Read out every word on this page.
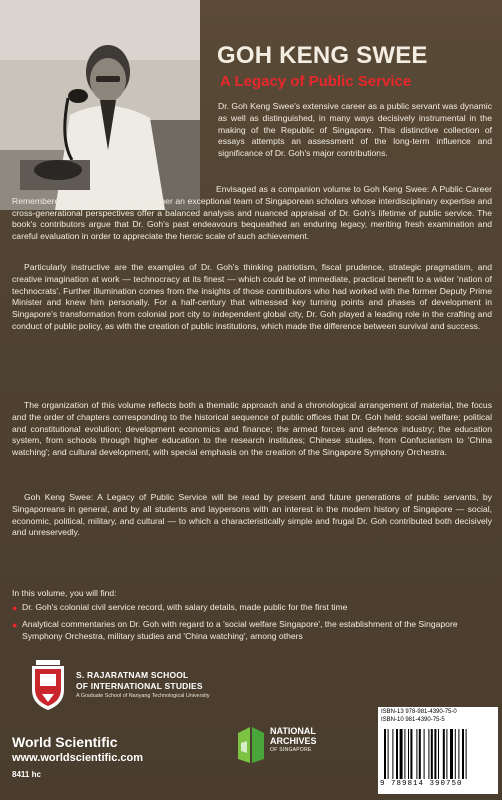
GOH KENG SWEE
A Legacy of Public Service

Dr. Goh Keng Swee's extensive career as a public servant was dynamic as well as distinguished, in many ways decisively instrumental in the making of the Republic of Singapore. This distinctive collection of essays attempts an assessment of the long-term influence and significance of Dr. Goh's major contributions.

Envisaged as a companion volume to Goh Keng Swee: A Public Career Remembered, this volume brings together an exceptional team of Singaporean scholars whose interdisciplinary expertise and cross-generational perspectives offer a balanced analysis and nuanced appraisal of Dr. Goh's lifetime of public service. The book's contributors argue that Dr. Goh's past endeavours bequeathed an enduring legacy, meriting fresh examination and careful evaluation in order to appreciate the heroic scale of such achievement.

Particularly instructive are the examples of Dr. Goh's thinking patriotism, fiscal prudence, strategic pragmatism, and creative imagination at work — technocracy at its finest — which could be of immediate, practical benefit to a wider 'nation of technocrats'. Further illumination comes from the insights of those contributors who had worked with the former Deputy Prime Minister and knew him personally. For a half-century that witnessed key turning points and phases of development in Singapore's transformation from colonial port city to independent global city, Dr. Goh played a leading role in the crafting and conduct of public policy, as with the creation of public institutions, which made the difference between survival and success.

The organization of this volume reflects both a thematic approach and a chronological arrangement of material, the focus and the order of chapters corresponding to the historical sequence of public offices that Dr. Goh held: social welfare; political and constitutional evolution; development economics and finance; the armed forces and defence industry; the education system, from schools through higher education to the research institutes; Chinese studies, from Confucianism to 'China watching'; and cultural development, with special emphasis on the creation of the Singapore Symphony Orchestra.

Goh Keng Swee: A Legacy of Public Service will be read by present and future generations of public servants, by Singaporeans in general, and by all students and laypersons with an interest in the modern history of Singapore — social, economic, political, military, and cultural — to which a characteristically simple and frugal Dr. Goh contributed both decisively and unreservedly.

In this volume, you will find:
● Dr. Goh's colonial civil service record, with salary details, made public for the first time
● Analytical commentaries on Dr. Goh with regard to a 'social welfare Singapore', the establishment of the Singapore Symphony Orchestra, military studies and 'China watching', among others
S. RAJARATNAM SCHOOL
OF INTERNATIONAL STUDIES
A Graduate School of Nanyang Technological University
World Scientific
www.worldscientific.com
8411 hc
NATIONAL
ARCHIVES
OF SINGAPORE
ISBN-13 978-981-4390-75-0
ISBN-10 981-4390-75-5
9 789814 390750
